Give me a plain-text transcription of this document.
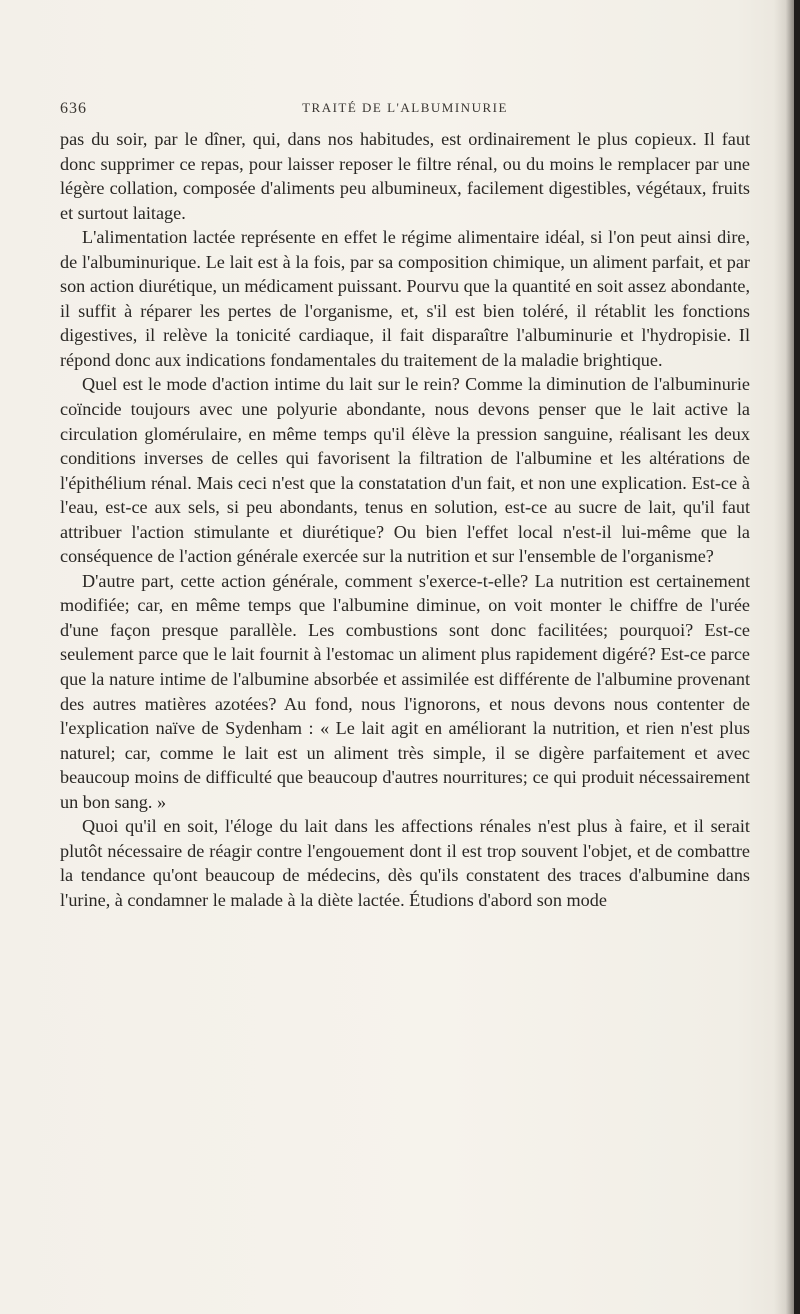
636	TRAITÉ DE L'ALBUMINURIE

pas du soir, par le dîner, qui, dans nos habitudes, est ordinairement le plus copieux. Il faut donc supprimer ce repas, pour laisser reposer le filtre rénal, ou du moins le remplacer par une légère collation, composée d'aliments peu albumineux, facilement digestibles, végétaux, fruits et surtout laitage.

L'alimentation lactée représente en effet le régime alimentaire idéal, si l'on peut ainsi dire, de l'albuminurique. Le lait est à la fois, par sa composition chimique, un aliment parfait, et par son action diurétique, un médicament puissant. Pourvu que la quantité en soit assez abondante, il suffit à réparer les pertes de l'organisme, et, s'il est bien toléré, il rétablit les fonctions digestives, il relève la tonicité cardiaque, il fait disparaître l'albuminurie et l'hydropisie. Il répond donc aux indications fondamentales du traitement de la maladie brightique.

Quel est le mode d'action intime du lait sur le rein? Comme la diminution de l'albuminurie coïncide toujours avec une polyurie abondante, nous devons penser que le lait active la circulation glomérulaire, en même temps qu'il élève la pression sanguine, réalisant les deux conditions inverses de celles qui favorisent la filtration de l'albumine et les altérations de l'épithélium rénal. Mais ceci n'est que la constatation d'un fait, et non une explication. Est-ce à l'eau, est-ce aux sels, si peu abondants, tenus en solution, est-ce au sucre de lait, qu'il faut attribuer l'action stimulante et diurétique? Ou bien l'effet local n'est-il lui-même que la conséquence de l'action générale exercée sur la nutrition et sur l'ensemble de l'organisme?

D'autre part, cette action générale, comment s'exerce-t-elle? La nutrition est certainement modifiée; car, en même temps que l'albumine diminue, on voit monter le chiffre de l'urée d'une façon presque parallèle. Les combustions sont donc facilitées; pourquoi? Est-ce seulement parce que le lait fournit à l'estomac un aliment plus rapidement digéré? Est-ce parce que la nature intime de l'albumine absorbée et assimilée est différente de l'albumine provenant des autres matières azotées? Au fond, nous l'ignorons, et nous devons nous contenter de l'explication naïve de Sydenham : « Le lait agit en améliorant la nutrition, et rien n'est plus naturel; car, comme le lait est un aliment très simple, il se digère parfaitement et avec beaucoup moins de difficulté que beaucoup d'autres nourritures; ce qui produit nécessairement un bon sang. »

Quoi qu'il en soit, l'éloge du lait dans les affections rénales n'est plus à faire, et il serait plutôt nécessaire de réagir contre l'engouement dont il est trop souvent l'objet, et de combattre la tendance qu'ont beaucoup de médecins, dès qu'ils constatent des traces d'albumine dans l'urine, à condamner le malade à la diète lactée. Étudions d'abord son mode
